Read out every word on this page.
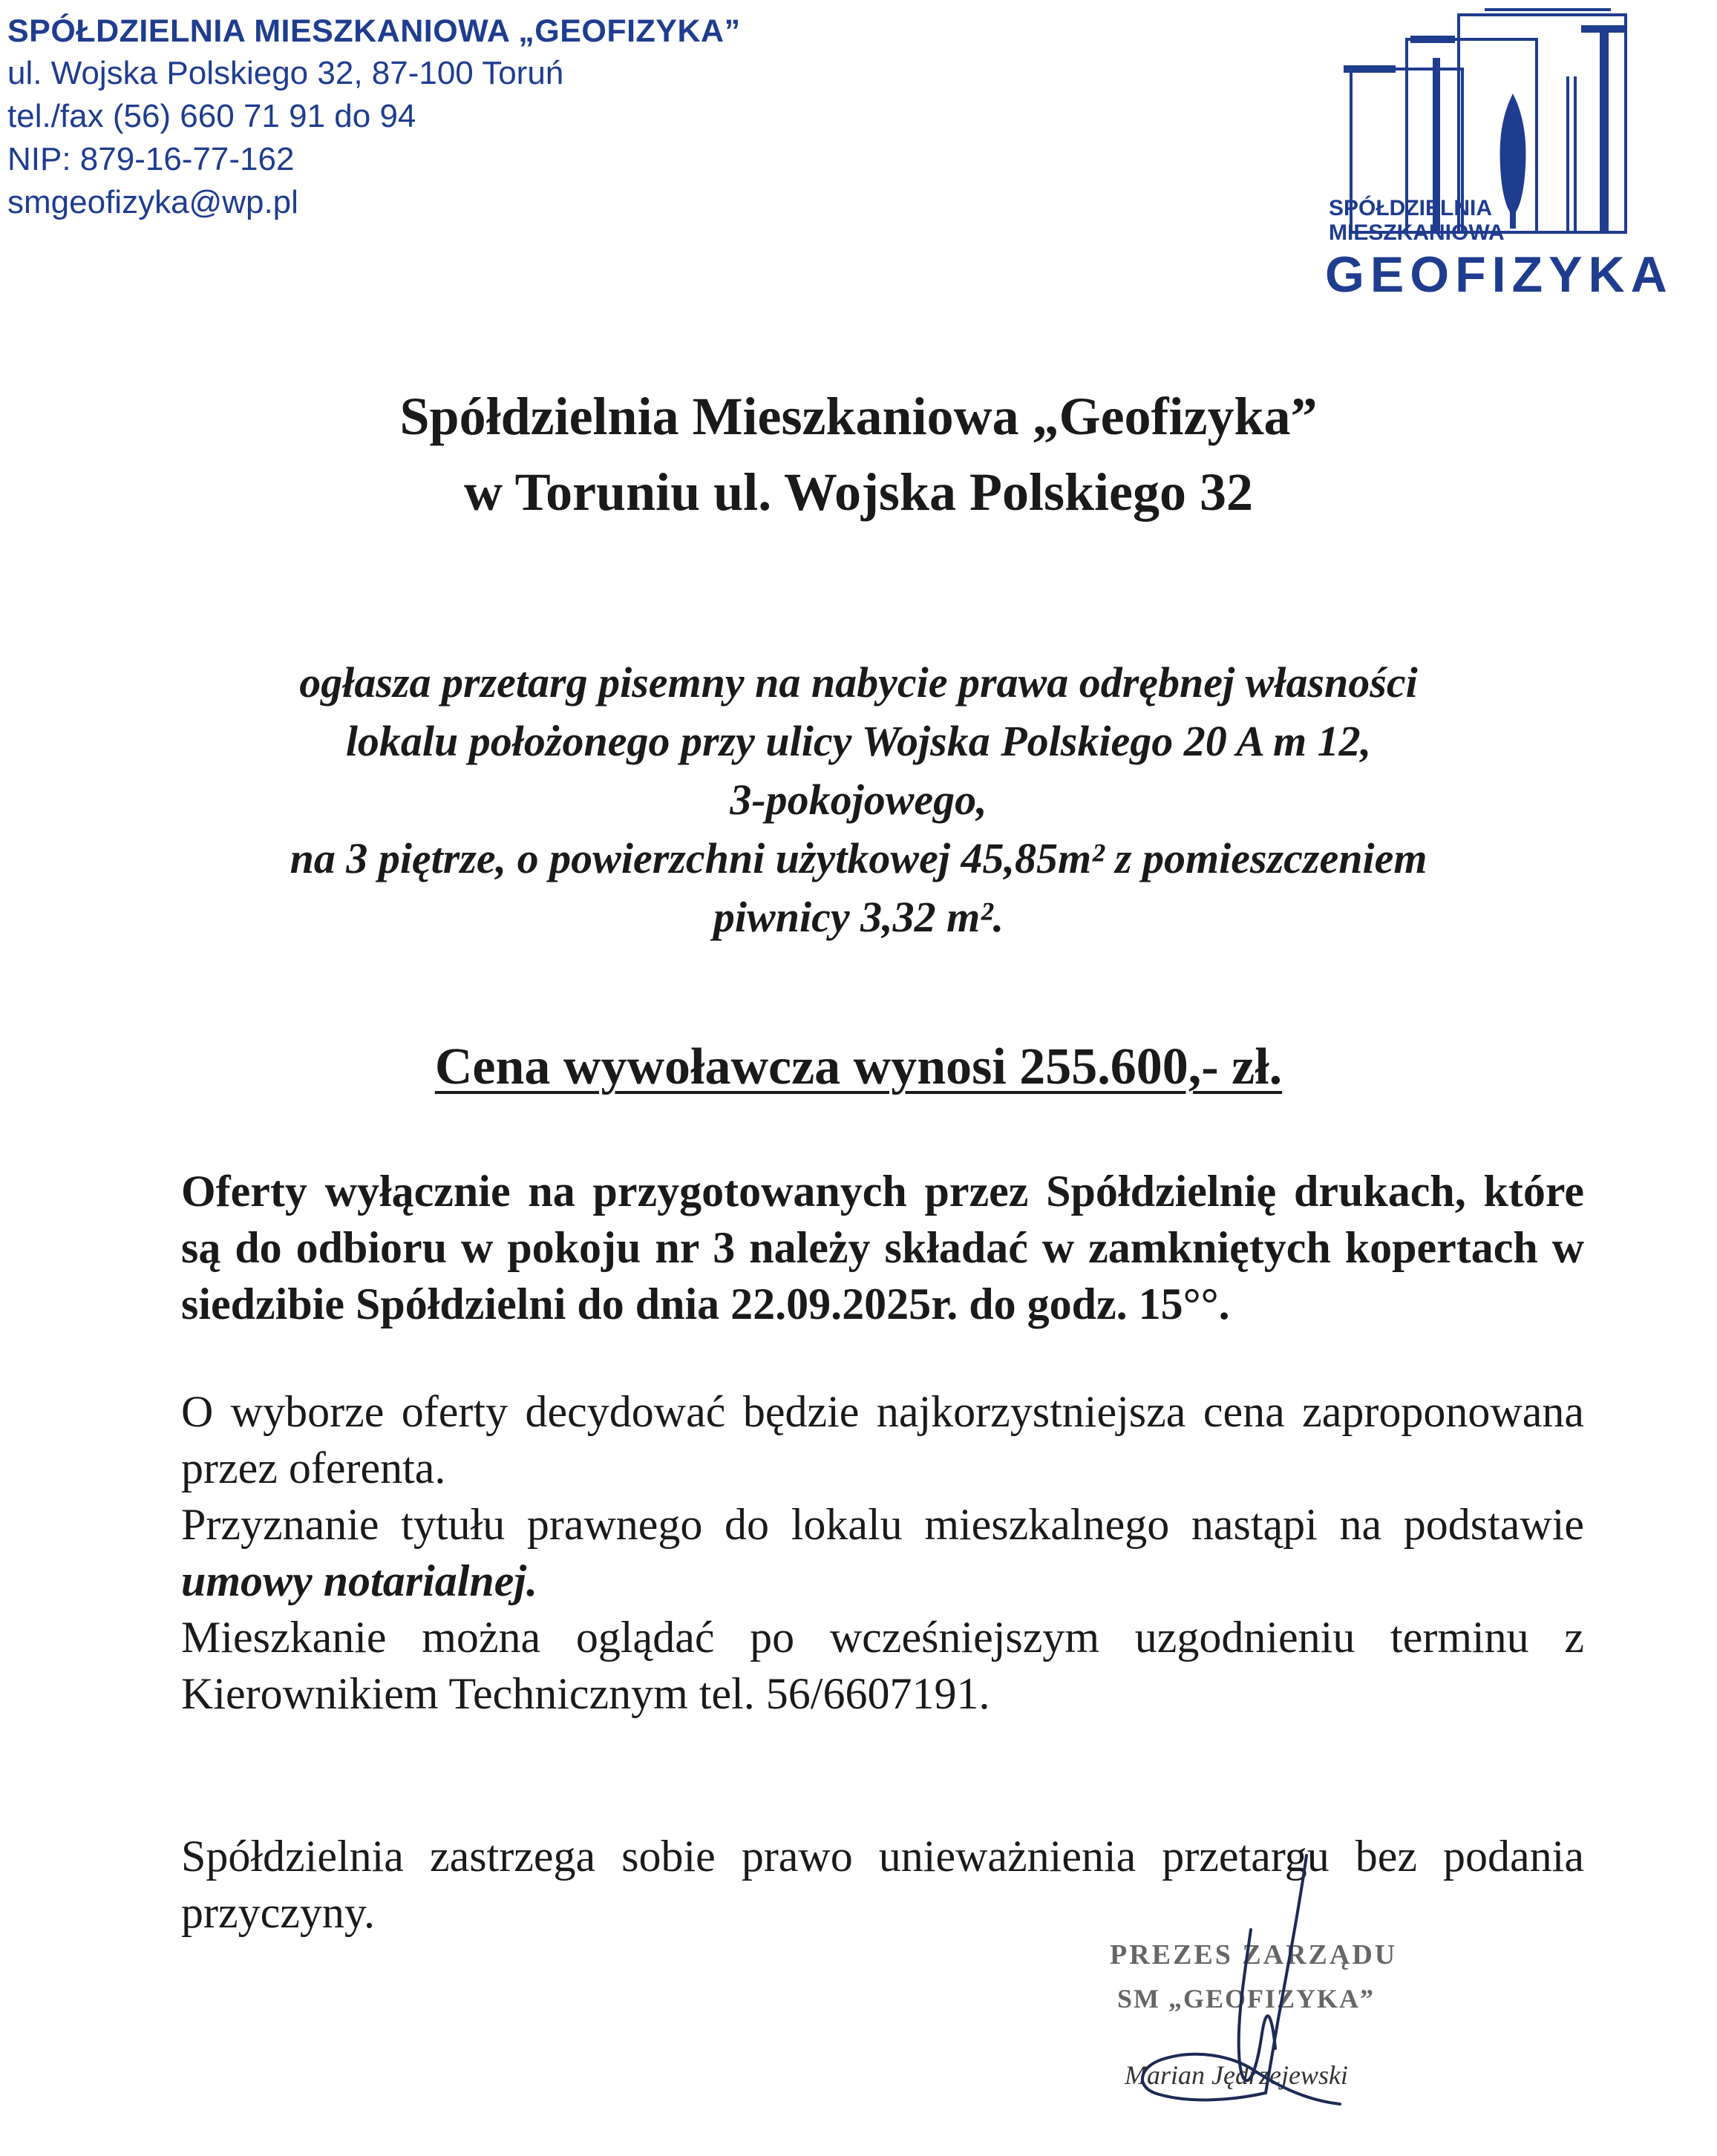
SPÓŁDZIELNIA MIESZKANIOWA „GEOFIZYKA”
ul. Wojska Polskiego 32, 87-100 Toruń
tel./fax (56) 660 71 91 do 94
NIP: 879-16-77-162
smgeofizyka@wp.pl	SPÓŁDZIELNIA
MIESZKANIOWA
GEOFIZYKA
Spółdzielnia Mieszkaniowa „Geofizyka”
w Toruniu ul. Wojska Polskiego 32
ogłasza przetarg pisemny na nabycie prawa odrębnej własności
lokalu położonego przy ulicy Wojska Polskiego 20 A m 12,
3-pokojowego,
na 3 piętrze, o powierzchni użytkowej 45,85m² z pomieszczeniem
piwnicy 3,32 m².
Cena wywoławcza wynosi 255.600,- zł.

Oferty wyłącznie na przygotowanych przez Spółdzielnię drukach, które są do odbioru w pokoju nr 3 należy składać w zamkniętych kopertach w siedzibie Spółdzielni do dnia 22.09.2025r. do godz. 15°°.

O wyborze oferty decydować będzie najkorzystniejsza cena zaproponowana przez oferenta.

Przyznanie tytułu prawnego do lokalu mieszkalnego nastąpi na podstawie umowy notarialnej.

Mieszkanie można oglądać po wcześniejszym uzgodnieniu terminu z Kierownikiem Technicznym tel. 56/6607191.

Spółdzielnia zastrzega sobie prawo unieważnienia przetargu bez podania przyczyny.

PREZES ZARZĄDU
SM „GEOFIZYKA”
Marian Jędrzejewski
